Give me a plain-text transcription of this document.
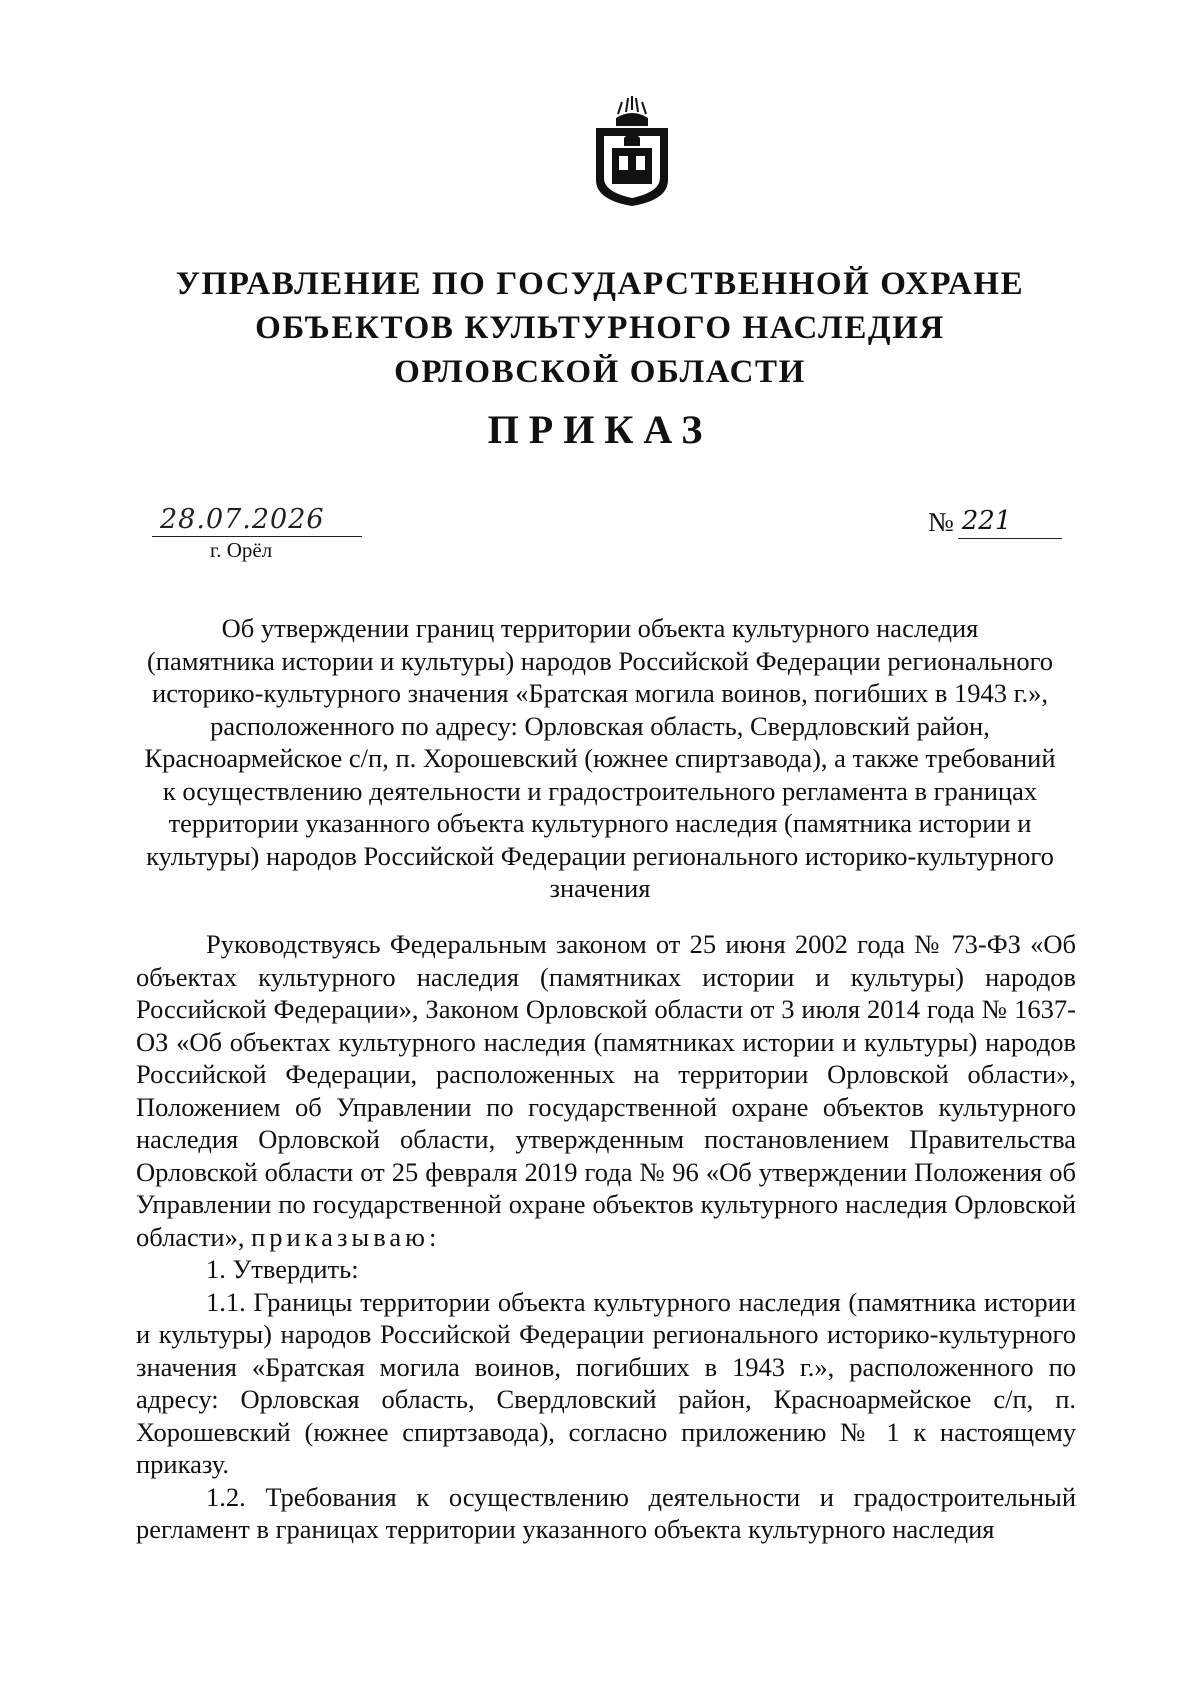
УПРАВЛЕНИЕ ПО ГОСУДАРСТВЕННОЙ ОХРАНЕ
ОБЪЕКТОВ КУЛЬТУРНОГО НАСЛЕДИЯ
ОРЛОВСКОЙ ОБЛАСТИ
ПРИКАЗ
28.07.2026
г. Орёл
№ 221
Об утверждении границ территории объекта культурного наследия
(памятника истории и культуры) народов Российской Федерации регионального
историко-культурного значения «Братская могила воинов, погибших в 1943 г.»,
расположенного по адресу: Орловская область, Свердловский район,
Красноармейское с/п, п. Хорошевский (южнее спиртзавода), а также требований
к осуществлению деятельности и градостроительного регламента в границах
территории указанного объекта культурного наследия (памятника истории и
культуры) народов Российской Федерации регионального историко-культурного
значения

Руководствуясь Федеральным законом от 25 июня 2002 года № 73-ФЗ «Об объектах культурного наследия (памятниках истории и культуры) народов Российской Федерации», Законом Орловской области от 3 июля 2014 года № 1637-ОЗ «Об объектах культурного наследия (памятниках истории и культуры) народов Российской Федерации, расположенных на территории Орловской области», Положением об Управлении по государственной охране объектов культурного наследия Орловской области, утвержденным постановлением Правительства Орловской области от 25 февраля 2019 года № 96 «Об утверждении Положения об Управлении по государственной охране объектов культурного наследия Орловской области», приказываю:

1. Утвердить:

1.1. Границы территории объекта культурного наследия (памятника истории и культуры) народов Российской Федерации регионального историко-культурного значения «Братская могила воинов, погибших в 1943 г.», расположенного по адресу: Орловская область, Свердловский район, Красноармейское с/п, п. Хорошевский (южнее спиртзавода), согласно приложению № 1 к настоящему приказу.

1.2. Требования к осуществлению деятельности и градостроительный регламент в границах территории указанного объекта культурного наследия
